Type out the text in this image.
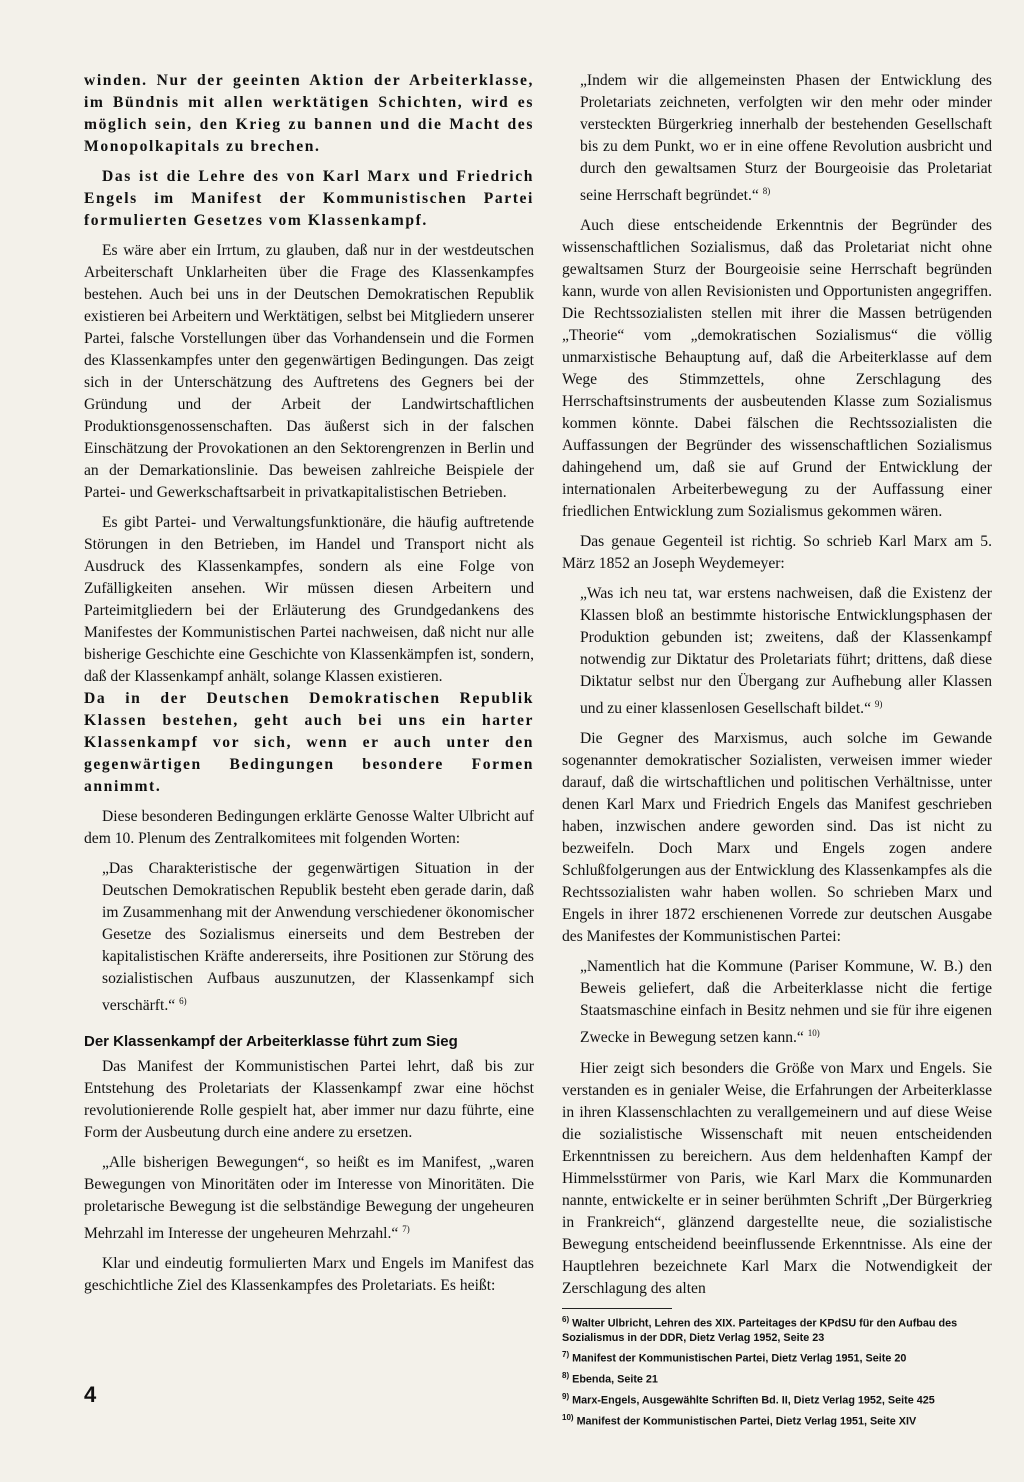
winden. Nur der geeinten Aktion der Arbeiterklasse, im Bündnis mit allen werktätigen Schichten, wird es möglich sein, den Krieg zu bannen und die Macht des Monopolkapitals zu brechen.

Das ist die Lehre des von Karl Marx und Friedrich Engels im Manifest der Kommunistischen Partei formulierten Gesetzes vom Klassenkampf.

Es wäre aber ein Irrtum, zu glauben, daß nur in der westdeutschen Arbeiterschaft Unklarheiten über die Frage des Klassenkampfes bestehen. Auch bei uns in der Deutschen Demokratischen Republik existieren bei Arbeitern und Werktätigen, selbst bei Mitgliedern unserer Partei, falsche Vorstellungen über das Vorhandensein und die Formen des Klassenkampfes unter den gegenwärtigen Bedingungen. Das zeigt sich in der Unterschätzung des Auftretens des Gegners bei der Gründung und der Arbeit der Landwirtschaftlichen Produktionsgenossenschaften. Das äußerst sich in der falschen Einschätzung der Provokationen an den Sektorengrenzen in Berlin und an der Demarkationslinie. Das beweisen zahlreiche Beispiele der Partei- und Gewerkschaftsarbeit in privatkapitalistischen Betrieben.

Es gibt Partei- und Verwaltungsfunktionäre, die häufig auftretende Störungen in den Betrieben, im Handel und Transport nicht als Ausdruck des Klassenkampfes, sondern als eine Folge von Zufälligkeiten ansehen. Wir müssen diesen Arbeitern und Parteimitgliedern bei der Erläuterung des Grundgedankens des Manifestes der Kommunistischen Partei nachweisen, daß nicht nur alle bisherige Geschichte eine Geschichte von Klassenkämpfen ist, sondern, daß der Klassenkampf anhält, solange Klassen existieren.

Da in der Deutschen Demokratischen Republik Klassen bestehen, geht auch bei uns ein harter Klassenkampf vor sich, wenn er auch unter den gegenwärtigen Bedingungen besondere Formen annimmt.

Diese besonderen Bedingungen erklärte Genosse Walter Ulbricht auf dem 10. Plenum des Zentralkomitees mit folgenden Worten:

„Das Charakteristische der gegenwärtigen Situation in der Deutschen Demokratischen Republik besteht eben gerade darin, daß im Zusammenhang mit der Anwendung verschiedener ökonomischer Gesetze des Sozialismus einerseits und dem Bestreben der kapitalistischen Kräfte andererseits, ihre Positionen zur Störung des sozialistischen Aufbaus auszunutzen, der Klassenkampf sich verschärft.“ $^{6)}$

Der Klassenkampf der Arbeiterklasse führt zum Sieg

Das Manifest der Kommunistischen Partei lehrt, daß bis zur Entstehung des Proletariats der Klassenkampf zwar eine höchst revolutionierende Rolle gespielt hat, aber immer nur dazu führte, eine Form der Ausbeutung durch eine andere zu ersetzen.

„Alle bisherigen Bewegungen“, so heißt es im Manifest, „waren Bewegungen von Minoritäten oder im Interesse von Minoritäten. Die proletarische Bewegung ist die selbständige Bewegung der ungeheuren Mehrzahl im Interesse der ungeheuren Mehrzahl.“ $^{7)}$

Klar und eindeutig formulierten Marx und Engels im Manifest das geschichtliche Ziel des Klassenkampfes des Proletariats. Es heißt:

„Indem wir die allgemeinsten Phasen der Entwicklung des Proletariats zeichneten, verfolgten wir den mehr oder minder versteckten Bürgerkrieg innerhalb der bestehenden Gesellschaft bis zu dem Punkt, wo er in eine offene Revolution ausbricht und durch den gewaltsamen Sturz der Bourgeoisie das Proletariat seine Herrschaft begründet.“ $^{8)}$

Auch diese entscheidende Erkenntnis der Begründer des wissenschaftlichen Sozialismus, daß das Proletariat nicht ohne gewaltsamen Sturz der Bourgeoisie seine Herrschaft begründen kann, wurde von allen Revisionisten und Opportunisten angegriffen. Die Rechtssozialisten stellen mit ihrer die Massen betrügenden „Theorie“ vom „demokratischen Sozialismus“ die völlig unmarxistische Behauptung auf, daß die Arbeiterklasse auf dem Wege des Stimmzettels, ohne Zerschlagung des Herrschaftsinstruments der ausbeutenden Klasse zum Sozialismus kommen könnte. Dabei fälschen die Rechtssozialisten die Auffassungen der Begründer des wissenschaftlichen Sozialismus dahingehend um, daß sie auf Grund der Entwicklung der internationalen Arbeiterbewegung zu der Auffassung einer friedlichen Entwicklung zum Sozialismus gekommen wären.

Das genaue Gegenteil ist richtig. So schrieb Karl Marx am 5. März 1852 an Joseph Weydemeyer:

„Was ich neu tat, war erstens nachweisen, daß die Existenz der Klassen bloß an bestimmte historische Entwicklungsphasen der Produktion gebunden ist; zweitens, daß der Klassenkampf notwendig zur Diktatur des Proletariats führt; drittens, daß diese Diktatur selbst nur den Übergang zur Aufhebung aller Klassen und zu einer klassenlosen Gesellschaft bildet.“ $^{9)}$

Die Gegner des Marxismus, auch solche im Gewande sogenannter demokratischer Sozialisten, verweisen immer wieder darauf, daß die wirtschaftlichen und politischen Verhältnisse, unter denen Karl Marx und Friedrich Engels das Manifest geschrieben haben, inzwischen andere geworden sind. Das ist nicht zu bezweifeln. Doch Marx und Engels zogen andere Schlußfolgerungen aus der Entwicklung des Klassenkampfes als die Rechtssozialisten wahr haben wollen. So schrieben Marx und Engels in ihrer 1872 erschienenen Vorrede zur deutschen Ausgabe des Manifestes der Kommunistischen Partei:

„Namentlich hat die Kommune (Pariser Kommune, W. B.) den Beweis geliefert, daß die Arbeiterklasse nicht die fertige Staatsmaschine einfach in Besitz nehmen und sie für ihre eigenen Zwecke in Bewegung setzen kann.“ $^{10)}$

Hier zeigt sich besonders die Größe von Marx und Engels. Sie verstanden es in genialer Weise, die Erfahrungen der Arbeiterklasse in ihren Klassenschlachten zu verallgemeinern und auf diese Weise die sozialistische Wissenschaft mit neuen entscheidenden Erkenntnissen zu bereichern. Aus dem heldenhaften Kampf der Himmelsstürmer von Paris, wie Karl Marx die Kommunarden nannte, entwickelte er in seiner berühmten Schrift „Der Bürgerkrieg in Frankreich“, glänzend dargestellte neue, die sozialistische Bewegung entscheidend beeinflussende Erkenntnisse. Als eine der Hauptlehren bezeichnete Karl Marx die Notwendigkeit der Zerschlagung des alten

$^{6)}$ Walter Ulbricht, Lehren des XIX. Parteitages der KPdSU für den Aufbau des Sozialismus in der DDR, Dietz Verlag 1952, Seite 23

$^{7)}$ Manifest der Kommunistischen Partei, Dietz Verlag 1951, Seite 20

$^{8)}$ Ebenda, Seite 21

$^{9)}$ Marx-Engels, Ausgewählte Schriften Bd. II, Dietz Verlag 1952, Seite 425

$^{10)}$ Manifest der Kommunistischen Partei, Dietz Verlag 1951, Seite XIV

4
